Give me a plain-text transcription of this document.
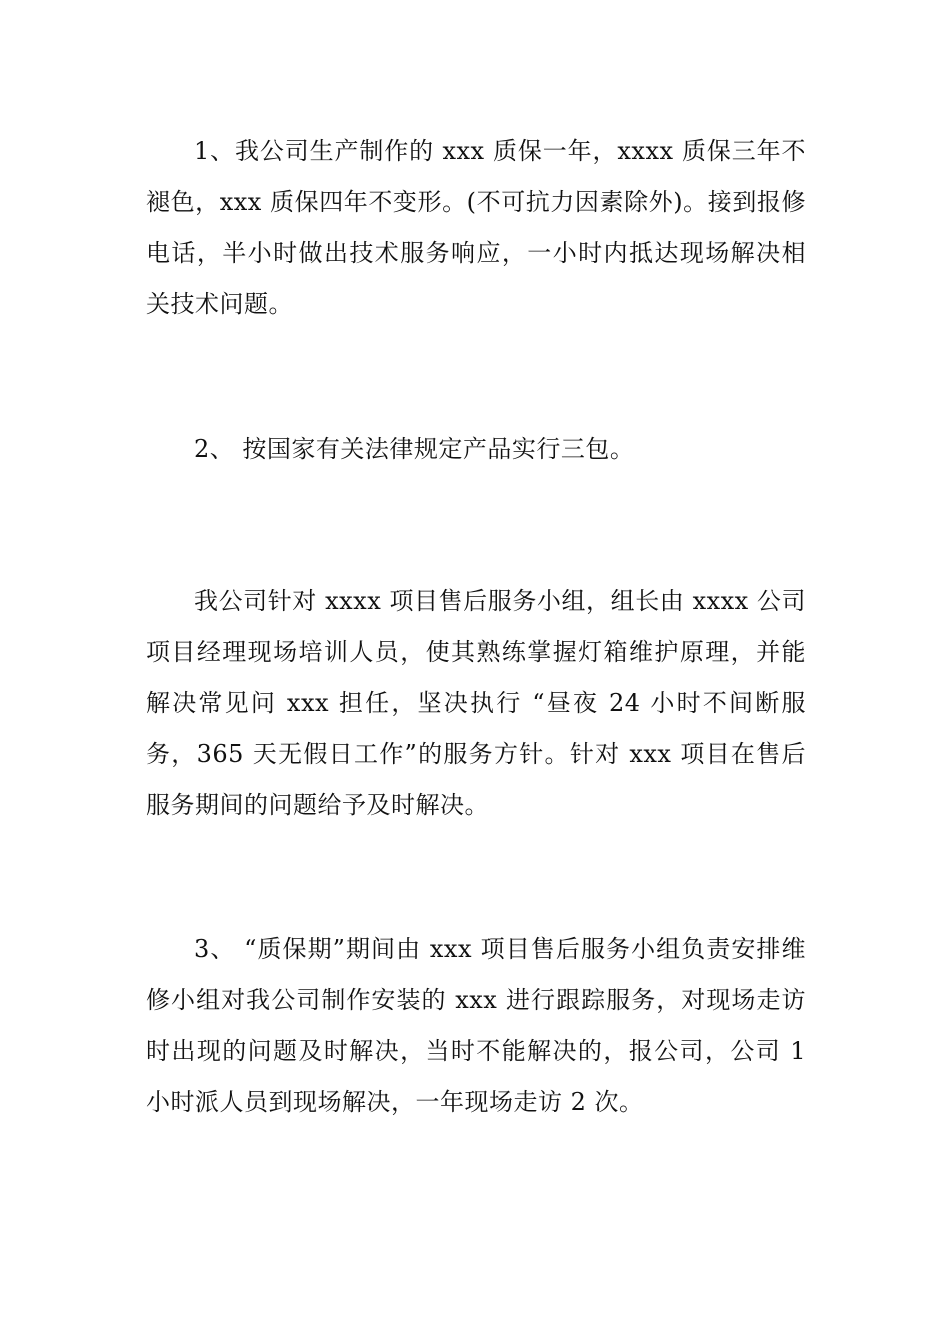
1、我公司生产制作的 xxx 质保一年，xxxx 质保三年不褪色，xxx 质保四年不变形。(不可抗力因素除外)。接到报修电话，半小时做出技术服务响应，一小时内抵达现场解决相关技术问题。

2、 按国家有关法律规定产品实行三包。

我公司针对 xxxx 项目售后服务小组，组长由 xxxx 公司项目经理现场培训人员，使其熟练掌握灯箱维护原理，并能解决常见问 xxx 担任，坚决执行 “昼夜 24 小时不间断服务，365 天无假日工作”的服务方针。针对 xxx 项目在售后服务期间的问题给予及时解决。

3、 “质保期”期间由 xxx 项目售后服务小组负责安排维修小组对我公司制作安装的 xxx 进行跟踪服务，对现场走访时出现的问题及时解决，当时不能解决的，报公司，公司 1 小时派人员到现场解决，一年现场走访 2 次。
